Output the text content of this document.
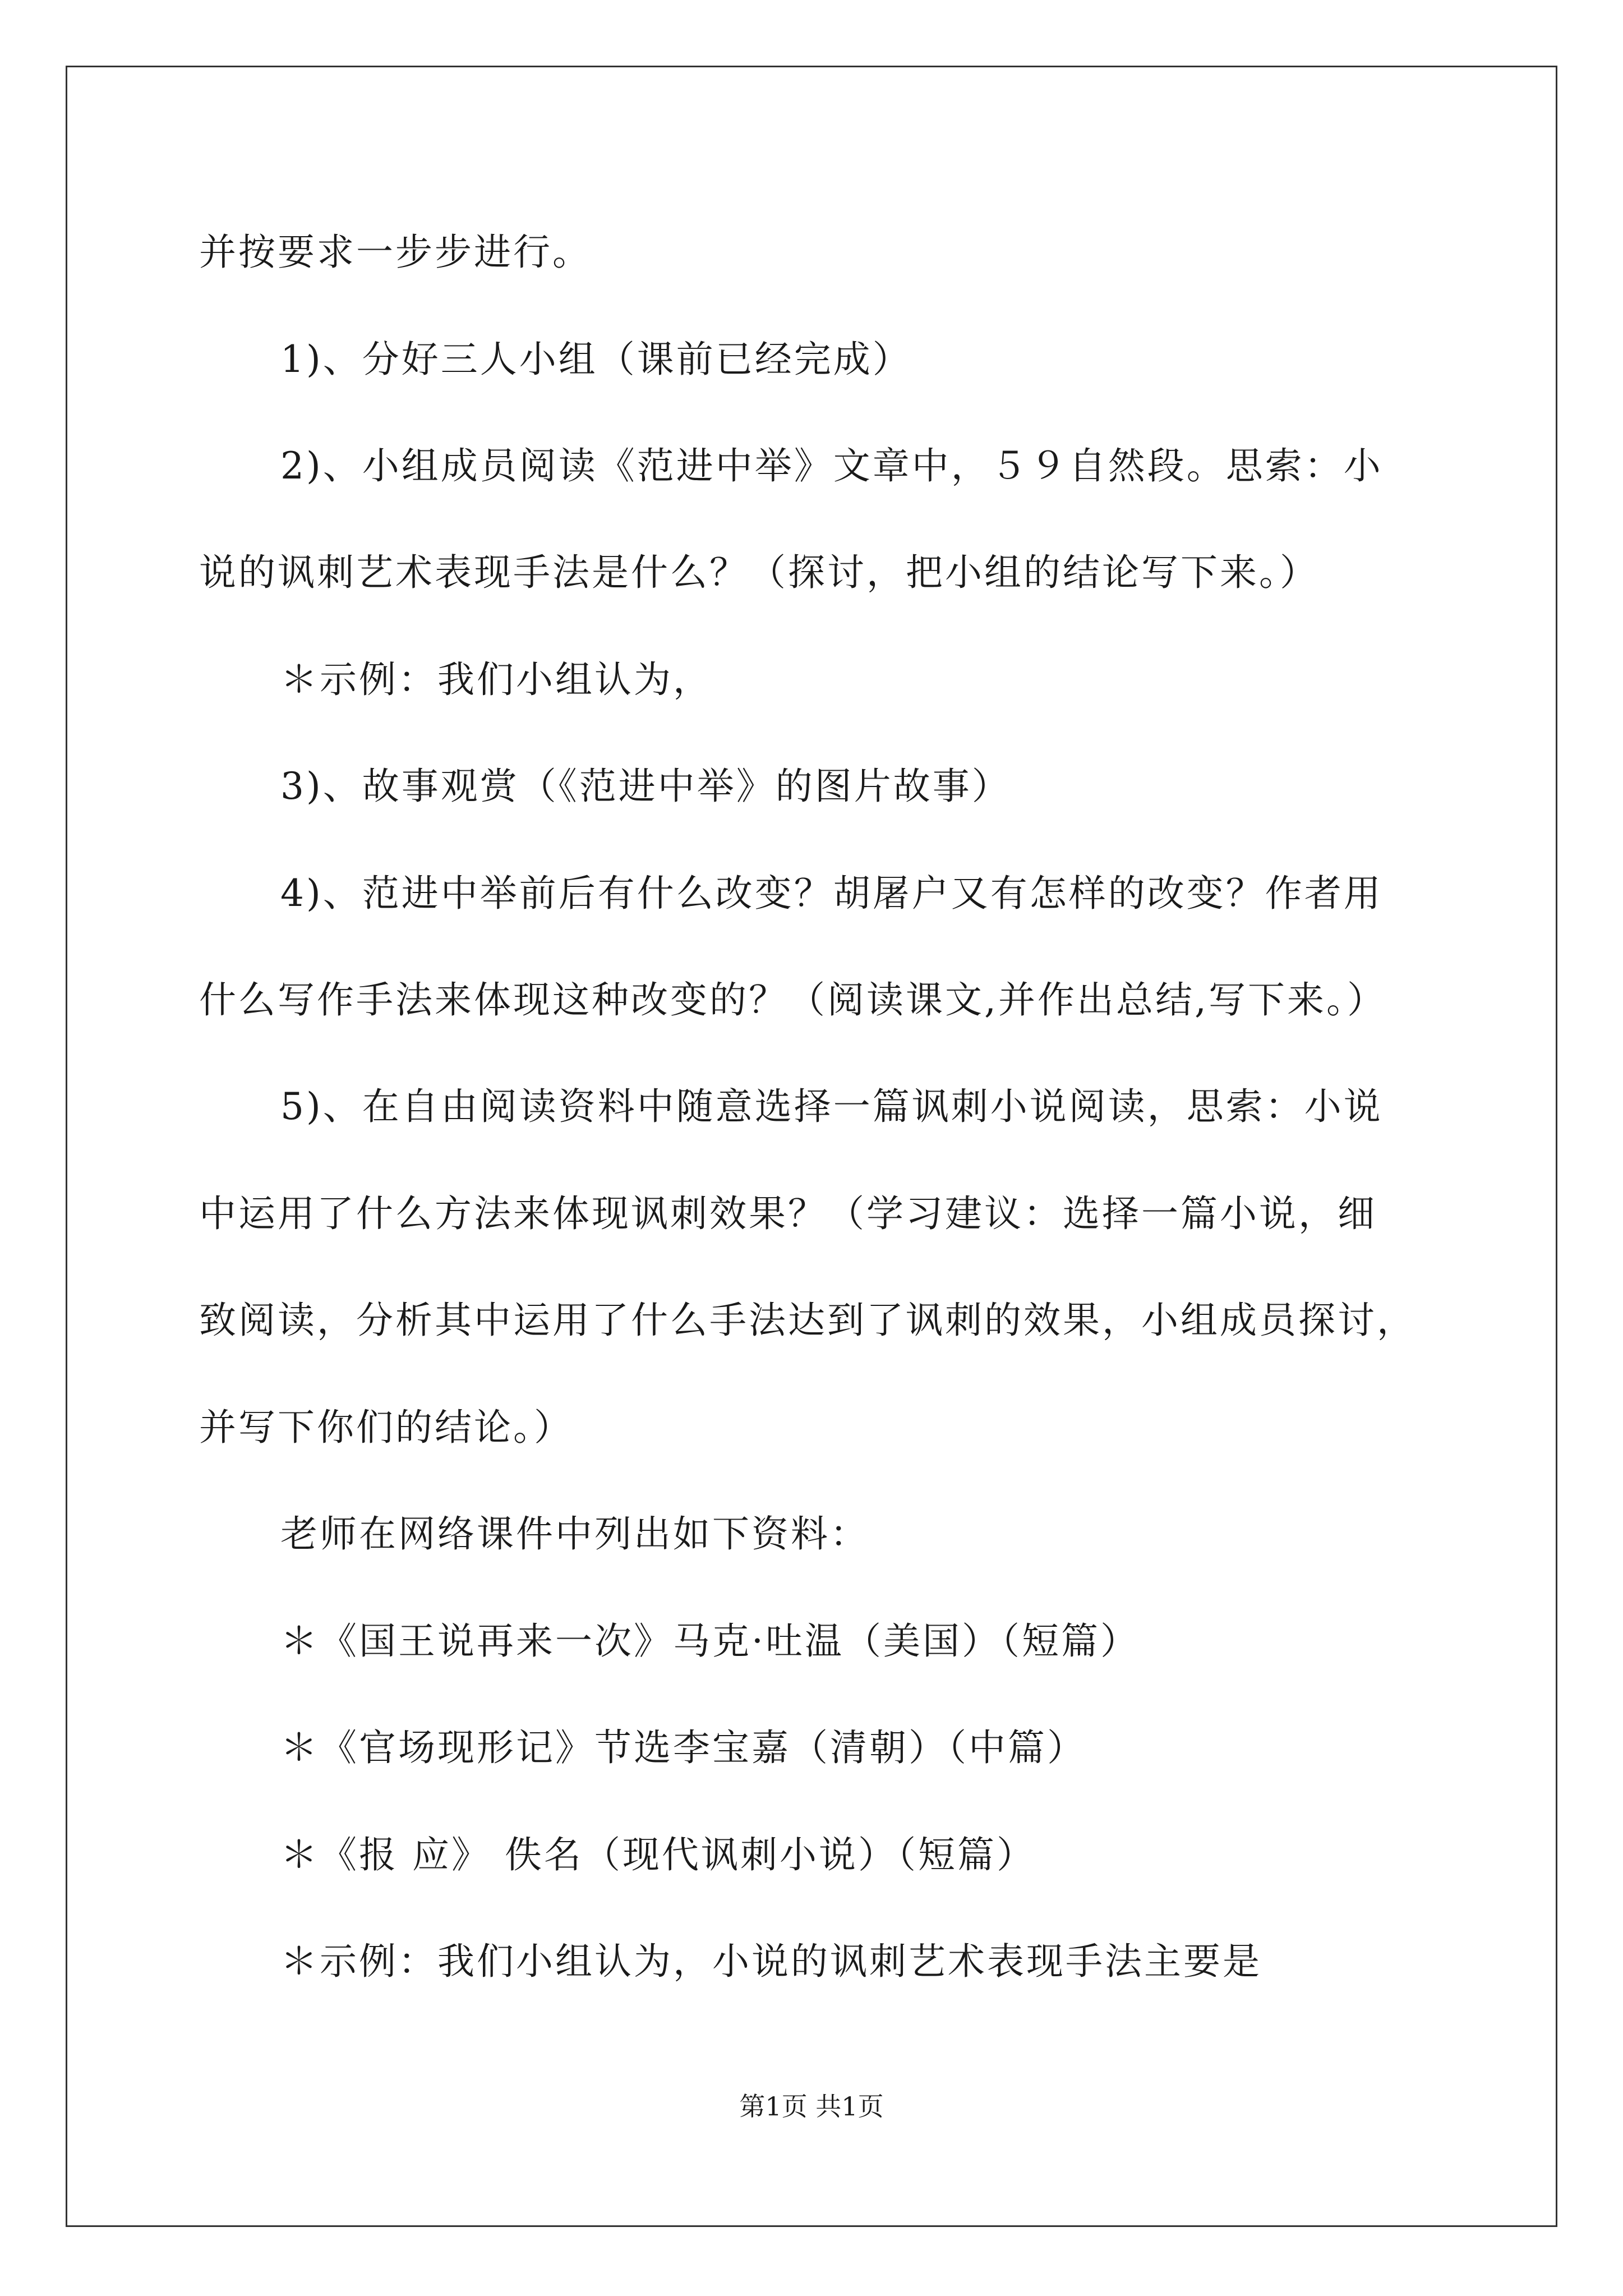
并按要求一步步进行。
1)、分好三人小组（课前已经完成）
2)、小组成员阅读《范进中举》文章中，５９自然段。思索：小
说的讽刺艺术表现手法是什么？（探讨，把小组的结论写下来。）
＊示例：我们小组认为，
3)、故事观赏（《范进中举》的图片故事）
4)、范进中举前后有什么改变？胡屠户又有怎样的改变？作者用
什么写作手法来体现这种改变的？（阅读课文,并作出总结,写下来。）
5)、在自由阅读资料中随意选择一篇讽刺小说阅读，思索：小说
中运用了什么方法来体现讽刺效果？（学习建议：选择一篇小说，细
致阅读，分析其中运用了什么手法达到了讽刺的效果，小组成员探讨，
并写下你们的结论。）
老师在网络课件中列出如下资料：
＊《国王说再来一次》马克·吐温（美国）（短篇）
＊《官场现形记》节选李宝嘉（清朝）（中篇）
＊《报 应》 佚名（现代讽刺小说）（短篇）
＊示例：我们小组认为，小说的讽刺艺术表现手法主要是
第1页 共1页
